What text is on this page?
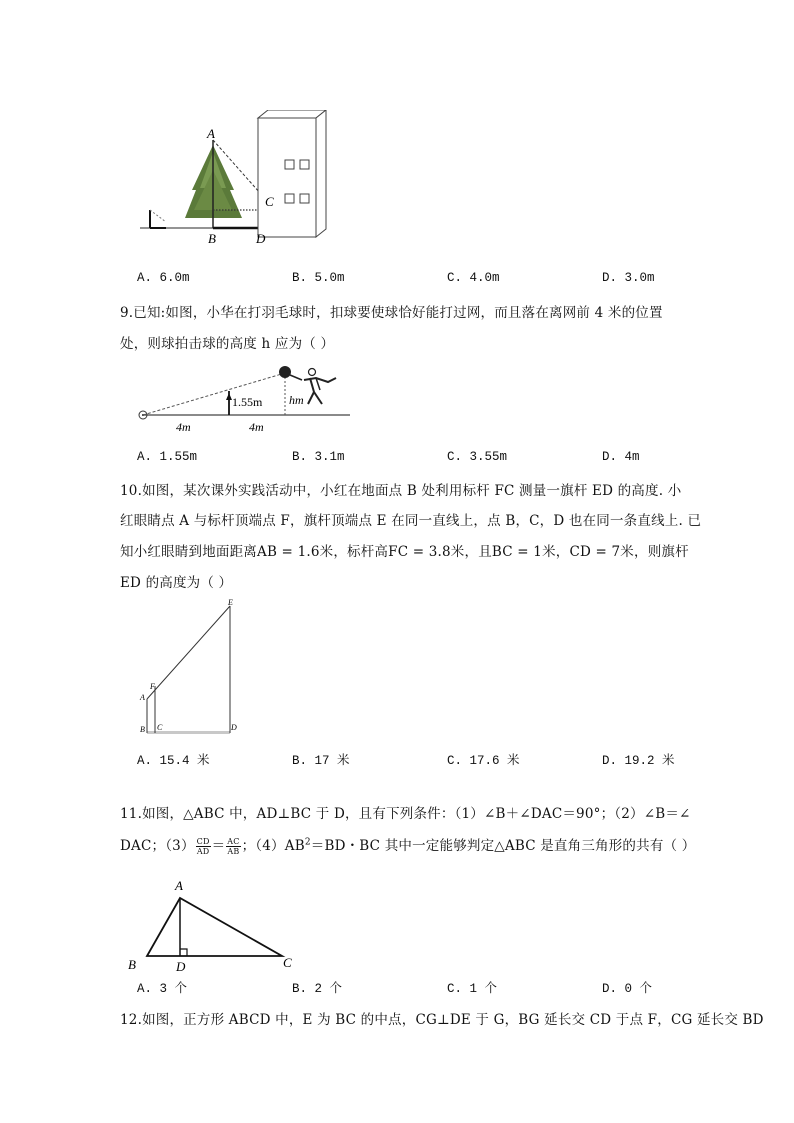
A
B
C
D
A. 6.0m	B. 5.0m	C. 4.0m	D. 3.0m
9.已知:如图，小华在打羽毛球时，扣球要使球恰好能打过网，而且落在离网前 4 米的位置
处，则球拍击球的高度 h 应为（ ）
1.55m hm
4m	4m
A. 1.55m	B. 3.1m	C. 3.55m	D. 4m
10.如图，某次课外实践活动中，小红在地面点 B 处利用标杆 FC 测量一旗杆 ED 的高度. 小
红眼睛点 A 与标杆顶端点 F，旗杆顶端点 E 在同一直线上，点 B，C，D 也在同一条直线上. 已
知小红眼睛到地面距离AB = 1.6米，标杆高FC = 3.8米，且BC = 1米，CD = 7米，则旗杆
ED 的高度为（ ）
E
F
A
B C	D
A. 15.4 米	B. 17 米	C. 17.6 米	D. 19.2 米
11.如图，△ABC 中，AD⊥BC 于 D，且有下列条件：（1）∠B＋∠DAC＝90°；（2）∠B＝∠
DAC；$(3) \frac{CD}{AD} = \frac{AC}{AB}$ ；$(4)AB^2=BD$・BC 其中一定能够判定△ABC 是直角三角形的共有（ ）
A
B	C
D
A. 3 个	B. 2 个	C. 1 个	D. 0 个
12.如图，正方形 ABCD 中，E 为 BC 的中点，CG⊥DE 于 G，BG 延长交 CD 于点 F，CG 延长交 BD
